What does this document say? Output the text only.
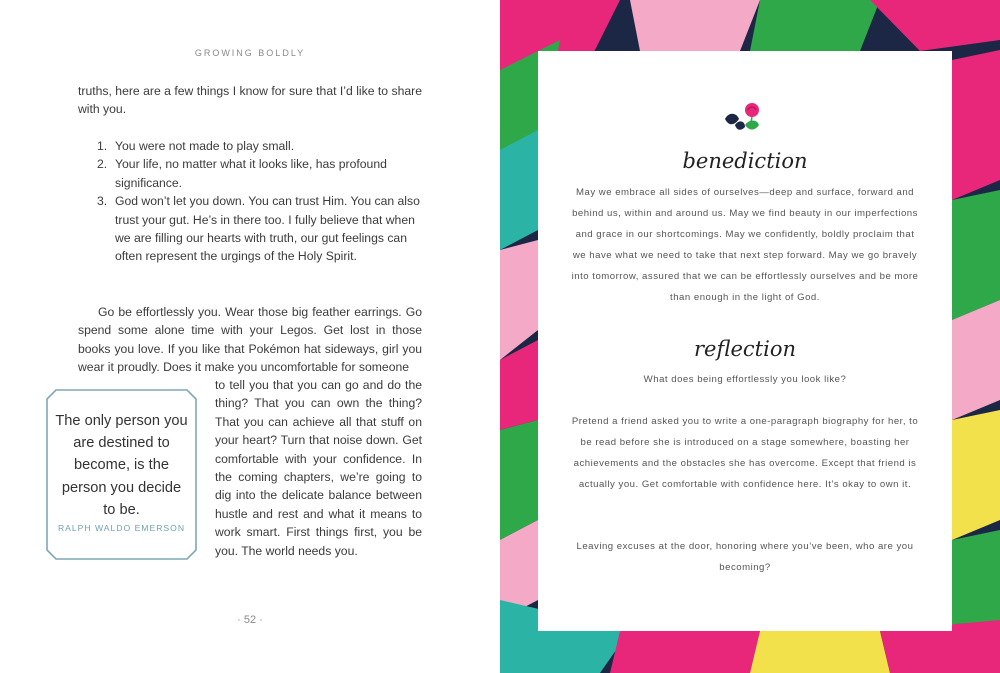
GROWING BOLDLY
truths, here are a few things I know for sure that I’d like to share with you.
1. You were not made to play small.
2. Your life, no matter what it looks like, has profound significance.
3. God won’t let you down. You can trust Him. You can also trust your gut. He’s in there too. I fully believe that when we are filling our hearts with truth, our gut feelings can often represent the urgings of the Holy Spirit.
Go be effortlessly you. Wear those big feather earrings. Go spend some alone time with your Legos. Get lost in those books you love. If you like that Pokémon hat sideways, girl you wear it proudly. Does it make you uncomfortable for someone
to tell you that you can go and do the thing? That you can own the thing? That you can achieve all that stuff on your heart? Turn that noise down. Get comfortable with your confidence. In the coming chapters, we’re going to dig into the delicate balance between hustle and rest and what it means to work smart. First things first, you be you. The world needs you.
The only person you are destined to become, is the person you decide to be.
RALPH WALDO EMERSON
· 52 ·
benediction
May we embrace all sides of ourselves—deep and surface, forward and behind us, within and around us. May we find beauty in our imperfections and grace in our shortcomings. May we confidently, boldly proclaim that we have what we need to take that next step forward. May we go bravely into tomorrow, assured that we can be effortlessly ourselves and be more than enough in the light of God.
reflection
What does being effortlessly you look like?
Pretend a friend asked you to write a one-paragraph biography for her, to be read before she is introduced on a stage somewhere, boasting her achievements and the obstacles she has overcome. Except that friend is actually you. Get comfortable with confidence here. It’s okay to own it.
Leaving excuses at the door, honoring where you’ve been, who are you becoming?
